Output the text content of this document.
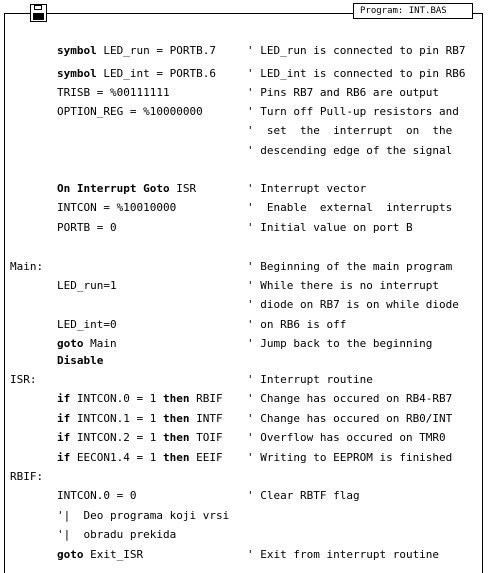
Program: INT.BAS
symbol LED_run = PORTB.7	' LED_run is connected to pin RB7
symbol LED_int = PORTB.6	' LED_int is connected to pin RB6
TRISB = %00111111	' Pins RB7 and RB6 are output
OPTION_REG = %10000000	' Turn off Pull-up resistors and
'  set  the  interrupt  on  the
' descending edge of the signal
On Interrupt Goto ISR	' Interrupt vector
INTCON = %10010000	'  Enable  external  interrupts
PORTB = 0	' Initial value on port B
Main:	' Beginning of the main program
LED_run=1	' While there is no interrupt
' diode on RB7 is on while diode
LED_int=0	' on RB6 is off
goto Main	' Jump back to the beginning
Disable
ISR:	' Interrupt routine
if INTCON.0 = 1 then RBIF ' Change has occured on RB4-RB7
if INTCON.1 = 1 then INTF ' Change has occured on RB0/INT
if INTCON.2 = 1 then TOIF ' Overflow has occured on TMR0
if EECON1.4 = 1 then EEIF ' Writing to EEPROM is finished
RBIF:
INTCON.0 = 0	' Clear RBTF flag
'|  Deo programa koji vrsi
'|  obradu prekida
goto Exit_ISR	' Exit from interrupt routine
